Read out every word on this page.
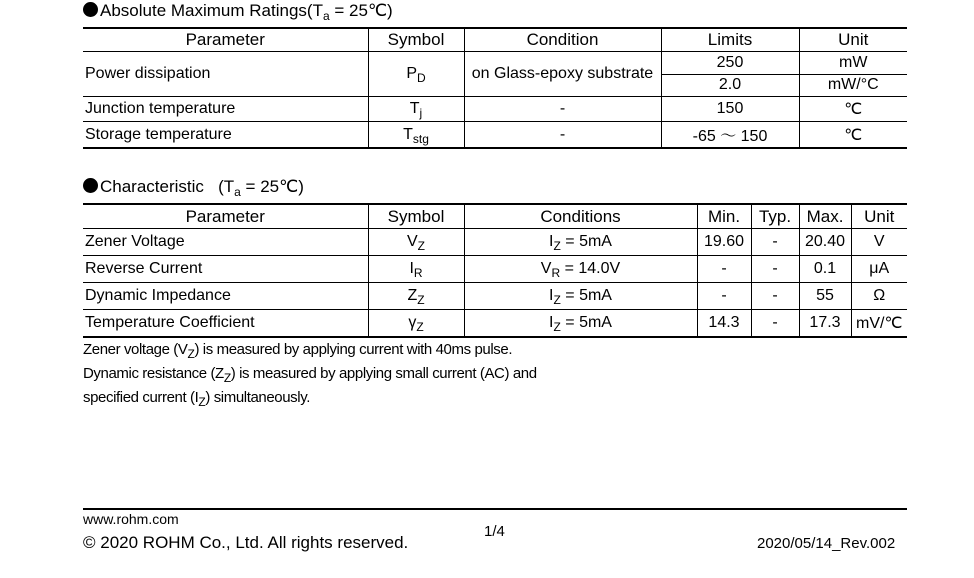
Absolute Maximum $Ratings(T_a$ = 25℃)
Parameter	Symbol	Condition	Limits	Unit
Power dissipation	$P_D$	on Glass-epoxy substrate	250	mW
			2.0	mW/°C
Junction temperature	$T_j$	-	150	℃
Storage temperature	$T_{stg}$	-	-65 ～ 150	℃
Characteristic ($T_a$ = 25℃)
Parameter	Symbol	Conditions	Min.	Typ.	Max.	Unit
Zener Voltage	$V_Z$	$I_Z = 5mA$	19.60	-	20.40	V
Reverse Current	$I_R$	$V_R = 14.0V$	-	-	0.1	μA
Dynamic Impedance	$Z_Z$	$I_Z = 5mA$	-	-	55	Ω
Temperature Coefficient	$\gamma_Z$	$I_Z = 5mA$	14.3	-	17.3	mV/℃
Zener voltage $(V_Z)$ is measured by applying current with 40ms pulse.
Dynamic resistance $(Z_Z)$ is measured by applying small current (AC) and
specified current $(I_Z)$ simultaneously.
www.rohm.com
© 2020 ROHM Co., Ltd. All rights reserved.
1/4
2020/05/14_Rev.002
